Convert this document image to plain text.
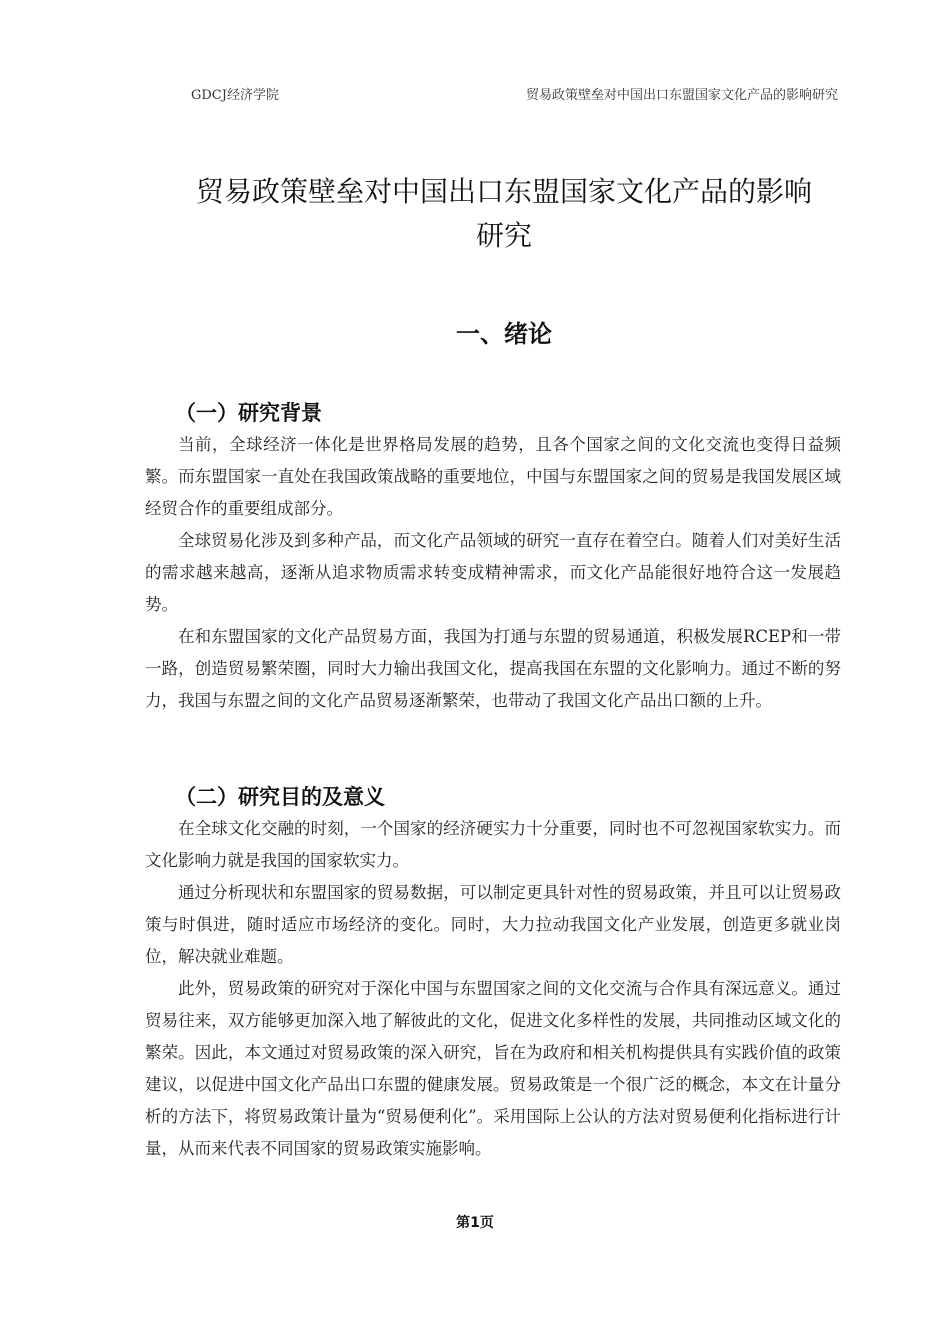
GDCJ经济学院	贸易政策壁垒对中国出口东盟国家文化产品的影响研究
贸易政策壁垒对中国出口东盟国家文化产品的影响
研究
一、绪论
（一）研究背景

当前，全球经济一体化是世界格局发展的趋势，且各个国家之间的文化交流也变得日益频繁。而东盟国家一直处在我国政策战略的重要地位，中国与东盟国家之间的贸易是我国发展区域经贸合作的重要组成部分。

全球贸易化涉及到多种产品，而文化产品领域的研究一直存在着空白。随着人们对美好生活的需求越来越高，逐渐从追求物质需求转变成精神需求，而文化产品能很好地符合这一发展趋势。

在和东盟国家的文化产品贸易方面，我国为打通与东盟的贸易通道，积极发展RCEP和一带一路，创造贸易繁荣圈，同时大力输出我国文化，提高我国在东盟的文化影响力。通过不断的努力，我国与东盟之间的文化产品贸易逐渐繁荣，也带动了我国文化产品出口额的上升。

（二）研究目的及意义

在全球文化交融的时刻，一个国家的经济硬实力十分重要，同时也不可忽视国家软实力。而文化影响力就是我国的国家软实力。

通过分析现状和东盟国家的贸易数据，可以制定更具针对性的贸易政策，并且可以让贸易政策与时俱进，随时适应市场经济的变化。同时，大力拉动我国文化产业发展，创造更多就业岗位，解决就业难题。

此外，贸易政策的研究对于深化中国与东盟国家之间的文化交流与合作具有深远意义。通过贸易往来，双方能够更加深入地了解彼此的文化，促进文化多样性的发展，共同推动区域文化的繁荣。因此，本文通过对贸易政策的深入研究，旨在为政府和相关机构提供具有实践价值的政策建议，以促进中国文化产品出口东盟的健康发展。贸易政策是一个很广泛的概念，本文在计量分析的方法下，将贸易政策计量为“贸易便利化”。采用国际上公认的方法对贸易便利化指标进行计量，从而来代表不同国家的贸易政策实施影响。

第1页
